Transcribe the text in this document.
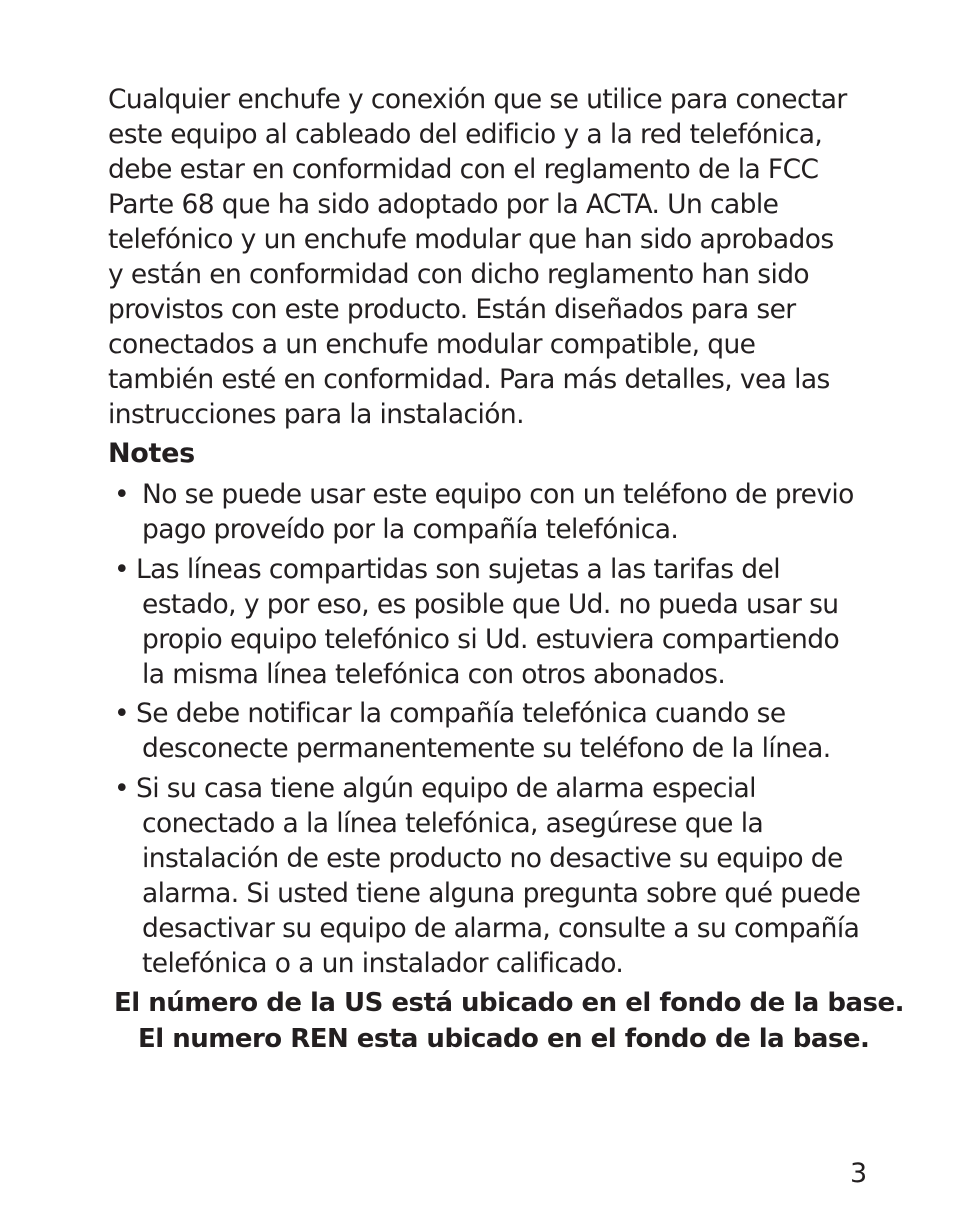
Cualquier enchufe y conexión que se utilice para conectar
este equipo al cableado del edificio y a la red telefónica,
debe estar en conformidad con el reglamento de la FCC
Parte 68 que ha sido adoptado por la ACTA. Un cable
telefónico y un enchufe modular que han sido aprobados
y están en conformidad con dicho reglamento han sido
provistos con este producto. Están diseñados para ser
conectados a un enchufe modular compatible, que
también esté en conformidad. Para más detalles, vea las
instrucciones para la instalación.

Notes
• No se puede usar este equipo con un teléfono de previo
pago proveído por la compañía telefónica.
• Las líneas compartidas son sujetas a las tarifas del
estado, y por eso, es posible que Ud. no pueda usar su
propio equipo telefónico si Ud. estuviera compartiendo
la misma línea telefónica con otros abonados.
• Se debe notificar la compañía telefónica cuando se
desconecte permanentemente su teléfono de la línea.
• Si su casa tiene algún equipo de alarma especial
conectado a la línea telefónica, asegúrese que la
instalación de este producto no desactive su equipo de
alarma. Si usted tiene alguna pregunta sobre qué puede
desactivar su equipo de alarma, consulte a su compañía
telefónica o a un instalador calificado.

El número de la US está ubicado en el fondo de la base.

El numero REN esta ubicado en el fondo de la base.

3
